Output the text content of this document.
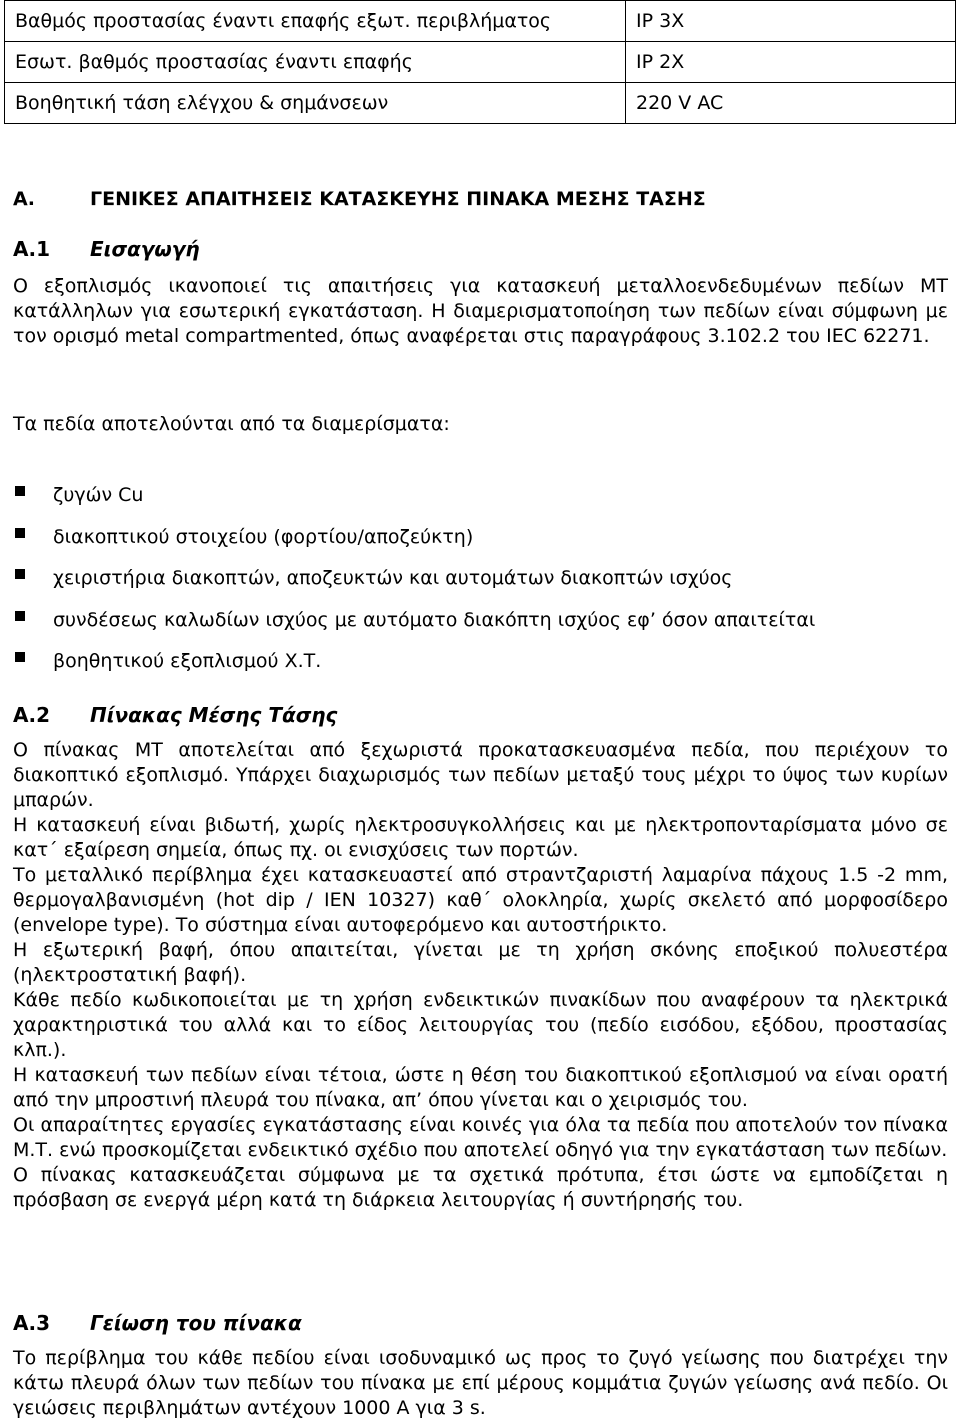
Βαθμός προστασίας έναντι επαφής εξωτ. περιβλήματος	IP 3X
Εσωτ. βαθμός προστασίας έναντι επαφής	IP 2X
Βοηθητική τάση ελέγχου & σημάνσεων	220 V AC
Α.	ΓΕΝΙΚΕΣ ΑΠΑΙΤΗΣΕΙΣ ΚΑΤΑΣΚΕΥΗΣ ΠΙΝΑΚΑ ΜΕΣΗΣ ΤΑΣΗΣ
Α.1 Εισαγωγή

Ο εξοπλισμός ικανοποιεί τις απαιτήσεις για κατασκευή μεταλλοενδεδυμένων πεδίων ΜΤ κατάλληλων για εσωτερική εγκατάσταση. Η διαμερισματοποίηση των πεδίων είναι σύμφωνη με τον ορισμό metal compartmented, όπως αναφέρεται στις παραγράφους 3.102.2 του IEC 62271.

Τα πεδία αποτελούνται από τα διαμερίσματα:

ζυγών Cu
διακοπτικού στοιχείου (φορτίου/αποζεύκτη)
χειριστήρια διακοπτών, αποζευκτών και αυτομάτων διακοπτών ισχύος
συνδέσεως καλωδίων ισχύος με αυτόματο διακόπτη ισχύος εφ’ όσον απαιτείται
βοηθητικού εξοπλισμού Χ.Τ.
Α.2 Πίνακας Μέσης Τάσης

Ο πίνακας ΜΤ αποτελείται από ξεχωριστά προκατασκευασμένα πεδία, που περιέχουν το διακοπτικό εξοπλισμό. Υπάρχει διαχωρισμός των πεδίων μεταξύ τους μέχρι το ύψος των κυρίων μπαρών.

Η κατασκευή είναι βιδωτή, χωρίς ηλεκτροσυγκολλήσεις και με ηλεκτροπονταρίσματα μόνο σε κατ΄ εξαίρεση σημεία, όπως πχ. οι ενισχύσεις των πορτών.

Το μεταλλικό περίβλημα έχει κατασκευαστεί από στραντζαριστή λαμαρίνα πάχους 1.5 -2 mm, θερμογαλβανισμένη (hot dip / ΙΕΝ 10327) καθ΄ ολοκληρία, χωρίς σκελετό από μορφοσίδερο (envelope type). Το σύστημα είναι αυτοφερόμενο και αυτοστήρικτο.

Η εξωτερική βαφή, όπου απαιτείται, γίνεται με τη χρήση σκόνης εποξικού πολυεστέρα (ηλεκτροστατική βαφή).

Κάθε πεδίο κωδικοποιείται με τη χρήση ενδεικτικών πινακίδων που αναφέρουν τα ηλεκτρικά χαρακτηριστικά του αλλά και το είδος λειτουργίας του (πεδίο εισόδου, εξόδου, προστασίας κλπ.).

Η κατασκευή των πεδίων είναι τέτοια, ώστε η θέση του διακοπτικού εξοπλισμού να είναι ορατή από την μπροστινή πλευρά του πίνακα, απ’ όπου γίνεται και ο χειρισμός του.

Οι απαραίτητες εργασίες εγκατάστασης είναι κοινές για όλα τα πεδία που αποτελούν τον πίνακα Μ.Τ. ενώ προσκομίζεται ενδεικτικό σχέδιο που αποτελεί οδηγό για την εγκατάσταση των πεδίων.

Ο πίνακας κατασκευάζεται σύμφωνα με τα σχετικά πρότυπα, έτσι ώστε να εμποδίζεται η πρόσβαση σε ενεργά μέρη κατά τη διάρκεια λειτουργίας ή συντήρησής του.

Α.3 Γείωση του πίνακα

Το περίβλημα του κάθε πεδίου είναι ισοδυναμικό ως προς το ζυγό γείωσης που διατρέχει την κάτω πλευρά όλων των πεδίων του πίνακα με επί μέρους κομμάτια ζυγών γείωσης ανά πεδίο. Οι γειώσεις περιβλημάτων αντέχουν 1000 A για 3 s.
